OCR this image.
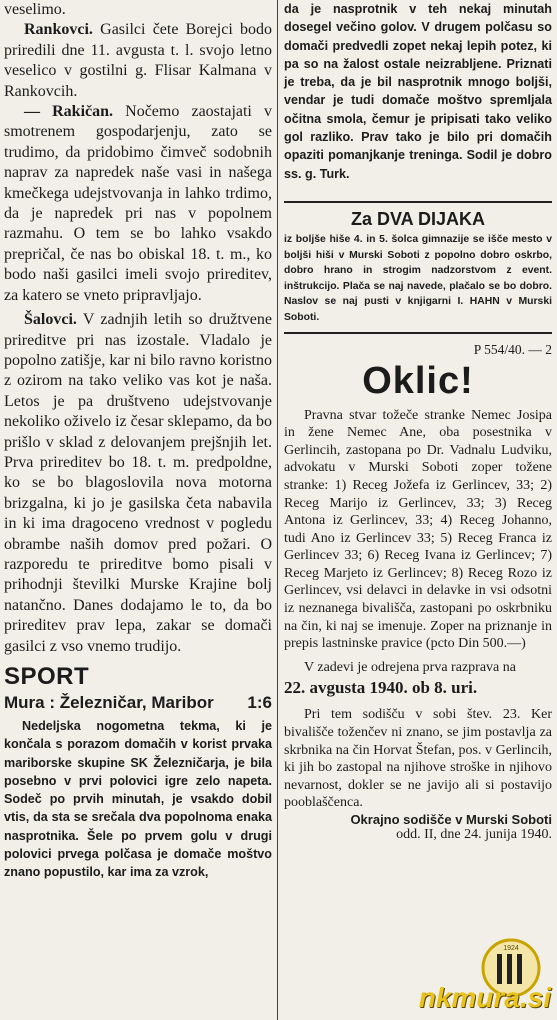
veselimo.

Rankovci. Gasilci čete Borejci bodo priredili dne 11. avgusta t. l. svojo letno veselico v gostilni g. Flisar Kalmana v Rankovcih.

— Rakičan. Nočemo zaostajati v smotrenem gospodarjenju, zato se trudimo, da pridobimo čimveč sodobnih naprav za napredek naše vasi in našega kmečkega udejstvovanja in lahko trdimo, da je napredek pri nas v popolnem razmahu. O tem se bo lahko vsakdo prepričal, če nas bo obiskal 18. t. m., ko bodo naši gasilci imeli svojo prireditev, za katero se vneto pripravljajo.

Šalovci. V zadnjih letih so družtvene prireditve pri nas izostale. Vladalo je popolno zatišje, kar ni bilo ravno koristno z ozirom na tako veliko vas kot je naša. Letos je pa društveno udejstvovanje nekoliko oživelo iz česar sklepamo, da bo prišlo v sklad z delovanjem prejšnjih let. Prva prireditev bo 18. t. m. predpoldne, ko se bo blagoslovila nova motorna brizgalna, ki jo je gasilska četa nabavila in ki ima dragoceno vrednost v pogledu obrambe naših domov pred požari. O razporedu te prireditve bomo pisali v prihodnji številki Murske Krajine bolj natančno. Danes dodajamo le to, da bo prireditev prav lepa, zakar se domači gasilci z vso vnemo trudijo.

SPORT
Mura : Železničar, Maribor 1:6

Nedeljska nogometna tekma, ki je končala s porazom domačih v korist prvaka mariborske skupine SK Železničarja, je bila posebno v prvi polovici igre zelo napeta. Sodeč po prvih minutah, je vsakdo dobil vtis, da sta se srečala dva popolnoma enaka nasprotnika. Šele po prvem golu v drugi polovici prvega polčasa je domače moštvo znano popustilo, kar ima za vzrok,

da je nasprotnik v teh nekaj minutah dosegel večino golov. V drugem polčasu so domači predvedli zopet nekaj lepih potez, ki pa so na žalost ostale neizrabljene. Priznati je treba, da je bil nasprotnik mnogo boljši, vendar je tudi domače moštvo spremljala očitna smola, čemur je pripisati tako veliko gol razliko. Prav tako je bilo pri domačih opaziti pomanjkanje treninga. Sodil je dobro ss. g. Turk.

Za DVA DIJAKA

iz boljše hiše 4. in 5. šolca gimnazije se išče mesto v boljši hiši v Murski Soboti z popolno dobro oskrbo, dobro hrano in strogim nadzorstvom z event. inštrukcijo. Plača se naj navede, plačalo se bo dobro. Naslov se naj pusti v knjigarni I. HAHN v Murski Soboti.

P 554/40. — 2
Oklic!

Pravna stvar tožeče stranke Nemec Josipa in žene Nemec Ane, oba posestnika v Gerlincih, zastopana po Dr. Vadnalu Ludviku, advokatu v Murski Soboti zoper tožene stranke: 1) Receg Jožefa iz Gerlincev, 33; 2) Receg Marijo iz Gerlincev, 33; 3) Receg Antona iz Gerlincev, 33; 4) Receg Johanno, tudi Ano iz Gerlincev 33; 5) Receg Franca iz Gerlincev 33; 6) Receg Ivana iz Gerlincev; 7) Receg Marjeto iz Gerlincev; 8) Receg Rozo iz Gerlincev, vsi delavci in delavke in vsi odsotni iz neznanega bivališča, zastopani po oskrbniku na čin, ki naj se imenuje. Zoper na priznanje in prepis lastninske pravice (pcto Din 500.—)

V zadevi je odrejena prva razprava na

22. avgusta 1940. ob 8. uri.

Pri tem sodišču v sobi štev. 23. Ker bivališče toženčev ni znano, se jim postavlja za skrbnika na čin Horvat Štefan, pos. v Gerlincih, ki jih bo zastopal na njihove stroške in njihovo nevarnost, dokler se ne javijo ali si postavijo pooblaščenca.

Okrajno sodišče v Murski Soboti
odd. II, dne 24. junija 1940.
1924
nkmura.si
